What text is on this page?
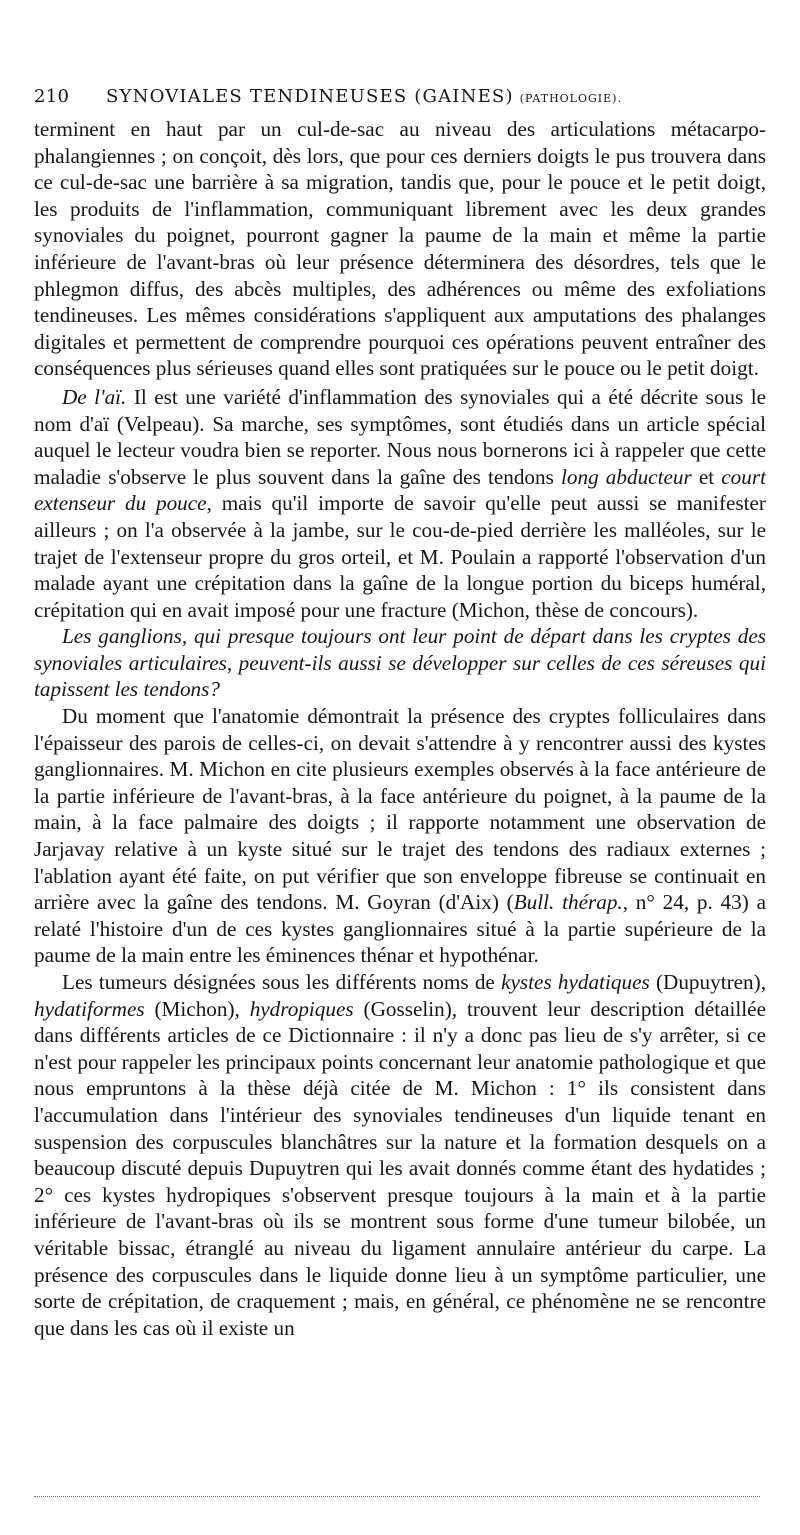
210 SYNOVIALES TENDINEUSES (GAINES) (PATHOLOGIE).

terminent en haut par un cul-de-sac au niveau des articulations métacarpo-phalangiennes ; on conçoit, dès lors, que pour ces derniers doigts le pus trouvera dans ce cul-de-sac une barrière à sa migration, tandis que, pour le pouce et le petit doigt, les produits de l'inflammation, communiquant librement avec les deux grandes synoviales du poignet, pourront gagner la paume de la main et même la partie inférieure de l'avant-bras où leur présence déterminera des désordres, tels que le phlegmon diffus, des abcès multiples, des adhérences ou même des exfoliations tendineuses. Les mêmes considérations s'appliquent aux amputations des phalanges digitales et permettent de comprendre pourquoi ces opérations peuvent entraîner des conséquences plus sérieuses quand elles sont pratiquées sur le pouce ou le petit doigt.

De l'aï. Il est une variété d'inflammation des synoviales qui a été décrite sous le nom d'aï (Velpeau). Sa marche, ses symptômes, sont étudiés dans un article spécial auquel le lecteur voudra bien se reporter. Nous nous bornerons ici à rappeler que cette maladie s'observe le plus souvent dans la gaîne des tendons long abducteur et court extenseur du pouce, mais qu'il importe de savoir qu'elle peut aussi se manifester ailleurs ; on l'a observée à la jambe, sur le cou-de-pied derrière les malléoles, sur le trajet de l'extenseur propre du gros orteil, et M. Poulain a rapporté l'observation d'un malade ayant une crépitation dans la gaîne de la longue portion du biceps huméral, crépitation qui en avait imposé pour une fracture (Michon, thèse de concours).

Les ganglions, qui presque toujours ont leur point de départ dans les cryptes des synoviales articulaires, peuvent-ils aussi se développer sur celles de ces séreuses qui tapissent les tendons?

Du moment que l'anatomie démontrait la présence des cryptes folliculaires dans l'épaisseur des parois de celles-ci, on devait s'attendre à y rencontrer aussi des kystes ganglionnaires. M. Michon en cite plusieurs exemples observés à la face antérieure de la partie inférieure de l'avant-bras, à la face antérieure du poignet, à la paume de la main, à la face palmaire des doigts ; il rapporte notamment une observation de Jarjavay relative à un kyste situé sur le trajet des tendons des radiaux externes ; l'ablation ayant été faite, on put vérifier que son enveloppe fibreuse se continuait en arrière avec la gaîne des tendons. M. Goyran (d'Aix) (Bull. thérap., n° 24, p. 43) a relaté l'histoire d'un de ces kystes ganglionnaires situé à la partie supérieure de la paume de la main entre les éminences thénar et hypothénar.

Les tumeurs désignées sous les différents noms de kystes hydatiques (Dupuytren), hydatiformes (Michon), hydropiques (Gosselin), trouvent leur description détaillée dans différents articles de ce Dictionnaire : il n'y a donc pas lieu de s'y arrêter, si ce n'est pour rappeler les principaux points concernant leur anatomie pathologique et que nous empruntons à la thèse déjà citée de M. Michon : 1° ils consistent dans l'accumulation dans l'intérieur des synoviales tendineuses d'un liquide tenant en suspension des corpuscules blanchâtres sur la nature et la formation desquels on a beaucoup discuté depuis Dupuytren qui les avait donnés comme étant des hydatides ; 2° ces kystes hydropiques s'observent presque toujours à la main et à la partie inférieure de l'avant-bras où ils se montrent sous forme d'une tumeur bilobée, un véritable bissac, étranglé au niveau du ligament annulaire antérieur du carpe. La présence des corpuscules dans le liquide donne lieu à un symptôme particulier, une sorte de crépitation, de craquement ; mais, en général, ce phénomène ne se rencontre que dans les cas où il existe un
